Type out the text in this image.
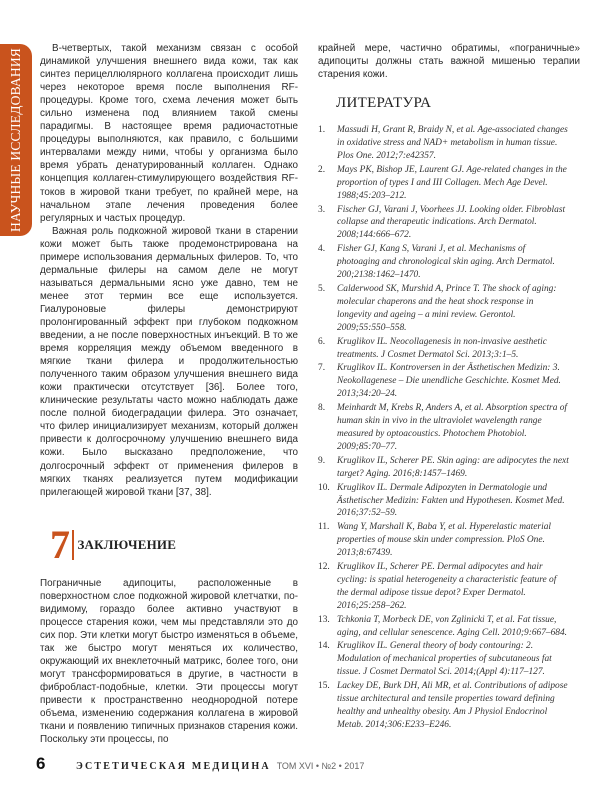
НАУЧНЫЕ ИССЛЕДОВАНИЯ	В-четвертых, такой механизм связан с особой динамикой улучшения внешнего вида кожи, так как синтез перицеллюлярного коллагена происходит лишь через некоторое время после выполнения RF-процедуры. Кроме того, схема лечения может быть сильно изменена под влиянием такой смены парадигмы. В настоящее время радиочастотные процедуры выполняются, как правило, с большими интервалами между ними, чтобы у организма было время убрать денатурированный коллаген. Однако концепция коллаген-стимулирующего воздействия RF-токов в жировой ткани требует, по крайней мере, на начальном этапе лечения проведения более регулярных и частых процедур.

Важная роль подкожной жировой ткани в старении кожи может быть также продемонстрирована на примере использования дермальных филеров. То, что дермальные филеры на самом деле не могут называться дермальными ясно уже давно, тем не менее этот термин все еще используется. Гиалуроновые филеры демонстрируют пролонгированный эффект при глубоком подкожном введении, а не после поверхностных инъекций. В то же время корреляция между объемом введенного в мягкие ткани филера и продолжительностью полученного таким образом улучшения внешнего вида кожи практически отсутствует [36]. Более того, клинические результаты часто можно наблюдать даже после полной биодеградации филера. Это означает, что филер инициализирует механизм, который должен привести к долгосрочному улучшению внешнего вида кожи. Было высказано предположение, что долгосрочный эффект от применения филеров в мягких тканях реализуется путем модификации прилегающей жировой ткани [37, 38].

7 ЗАКЛЮЧЕНИЕ

Пограничные адипоциты, расположенные в поверхностном слое подкожной жировой клетчатки, по-видимому, гораздо более активно участвуют в процессе старения кожи, чем мы представляли это до сих пор. Эти клетки могут быстро изменяться в объеме, так же быстро могут меняться их количество, окружающий их внеклеточный матрикс, более того, они могут трансформироваться в другие, в частности в фибробласт-подобные, клетки. Эти процессы могут привести к пространственно неоднородной потере объема, изменению содержания коллагена в жировой ткани и появлению типичных признаков старения кожи. Поскольку эти процессы, по

крайней мере, частично обратимы, «пограничные» адипоциты должны стать важной мишенью терапии старения кожи.

ЛИТЕРАТУРА
1.	Massudi H, Grant R, Braidy N, et al. Age-associated changes in oxidative stress and NAD+ metabolism in human tissue. Plos One. 2012;7:e42357.
2.	Mays PK, Bishop JE, Laurent GJ. Age-related changes in the proportion of types I and III Collagen. Mech Age Devel. 1988;45:203–212.
3.	Fischer GJ, Varani J, Voorhees JJ. Looking older. Fibroblast collapse and therapeutic indications. Arch Dermatol. 2008;144:666–672.
4.	Fisher GJ, Kang S, Varani J, et al. Mechanisms of photoaging and chronological skin aging. Arch Dermatol. 200;2138:1462–1470.
5.	Calderwood SK, Murshid A, Prince T. The shock of aging: molecular chaperons and the heat shock response in longevity and ageing – a mini review. Gerontol. 2009;55:550–558.
6.	Kruglikov IL. Neocollagenesis in non-invasive aesthetic treatments. J Cosmet Dermatol Sci. 2013;3:1–5.
7.	Kruglikov IL. Kontroversen in der Ästhetischen Medizin: 3. Neokollagenese – Die unendliche Geschichte. Kosmet Med. 2013;34:20–24.
8.	Meinhardt M, Krebs R, Anders A, et al. Absorption spectra of human skin in vivo in the ultraviolet wavelength range measured by optoacoustics. Photochem Photobiol. 2009;85:70–77.
9.	Kruglikov IL, Scherer PE. Skin aging: are adipocytes the next target? Aging. 2016;8:1457–1469.
10. Kruglikov IL. Dermale Adipozyten in Dermatologie und Ästhetischer Medizin: Fakten und Hypothesen. Kosmet Med. 2016;37:52–59.
11. Wang Y, Marshall K, Baba Y, et al. Hyperelastic material properties of mouse skin under compression. PloS One. 2013;8:67439.
12. Kruglikov IL, Scherer PE. Dermal adipocytes and hair cycling: is spatial heterogeneity a characteristic feature of the dermal adipose tissue depot? Exper Dermatol. 2016;25:258–262.
13. Tchkonia T, Morbeck DE, von Zglinicki T, et al. Fat tissue, aging, and cellular senescence. Aging Cell. 2010;9:667–684.
14. Kruglikov IL. General theory of body contouring: 2. Modulation of mechanical properties of subcutaneous fat tissue. J Cosmet Dermatol Sci. 2014;(Appl 4):117–127.
15. Lackey DE, Burk DH, Ali MR, et al. Contributions of adipose tissue architectural and tensile properties toward defining healthy and unhealthy obesity. Am J Physiol Endocrinol Metab. 2014;306:E233–E246.
6	ЭСТЕТИЧЕСКАЯ МЕДИЦИНА ТОМ XVI • №2 • 2017
